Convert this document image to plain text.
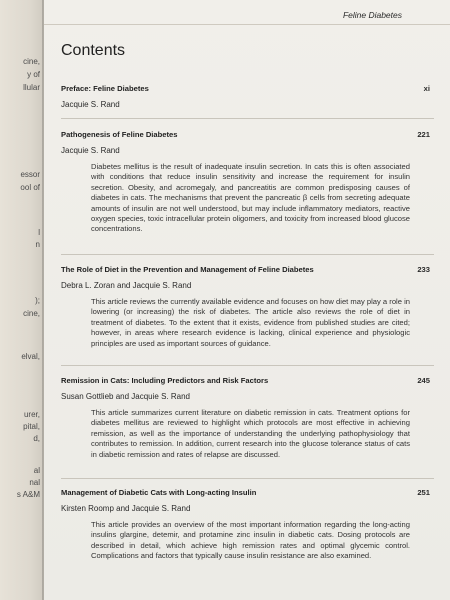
cine,
y of
llular
essor
ool of
l
n
);
cine,
elval,
urer,
pital,
d,
al
nal
s A&M
Feline Diabetes
Contents
Preface: Feline Diabetes	xi
Jacquie S. Rand
Pathogenesis of Feline Diabetes	221
Jacquie S. Rand
Diabetes mellitus is the result of inadequate insulin secretion. In cats this is often associated with conditions that reduce insulin sensitivity and increase the requirement for insulin secretion. Obesity, and acromegaly, and pancreatitis are common predisposing causes of diabetes in cats. The mechanisms that prevent the pancreatic β cells from secreting adequate amounts of insulin are not well understood, but may include inflammatory mediators, reactive oxygen species, toxic intracellular protein oligomers, and toxicity from increased blood glucose concentrations.
The Role of Diet in the Prevention and Management of Feline Diabetes	233
Debra L. Zoran and Jacquie S. Rand
This article reviews the currently available evidence and focuses on how diet may play a role in lowering (or increasing) the risk of diabetes. The article also reviews the role of diet in treatment of diabetes. To the extent that it exists, evidence from published studies are cited; however, in areas where research evidence is lacking, clinical experience and physiologic principles are used as important sources of guidance.
Remission in Cats: Including Predictors and Risk Factors	245
Susan Gottlieb and Jacquie S. Rand
This article summarizes current literature on diabetic remission in cats. Treatment options for diabetes mellitus are reviewed to highlight which protocols are most effective in achieving remission, as well as the importance of understanding the underlying pathophysiology that contributes to remission. In addition, current research into the glucose tolerance status of cats in diabetic remission and rates of relapse are discussed.
Management of Diabetic Cats with Long-acting Insulin	251
Kirsten Roomp and Jacquie S. Rand
This article provides an overview of the most important information regarding the long-acting insulins glargine, detemir, and protamine zinc insulin in diabetic cats. Dosing protocols are described in detail, which achieve high remission rates and optimal glycemic control. Complications and factors that typically cause insulin resistance are also examined.
